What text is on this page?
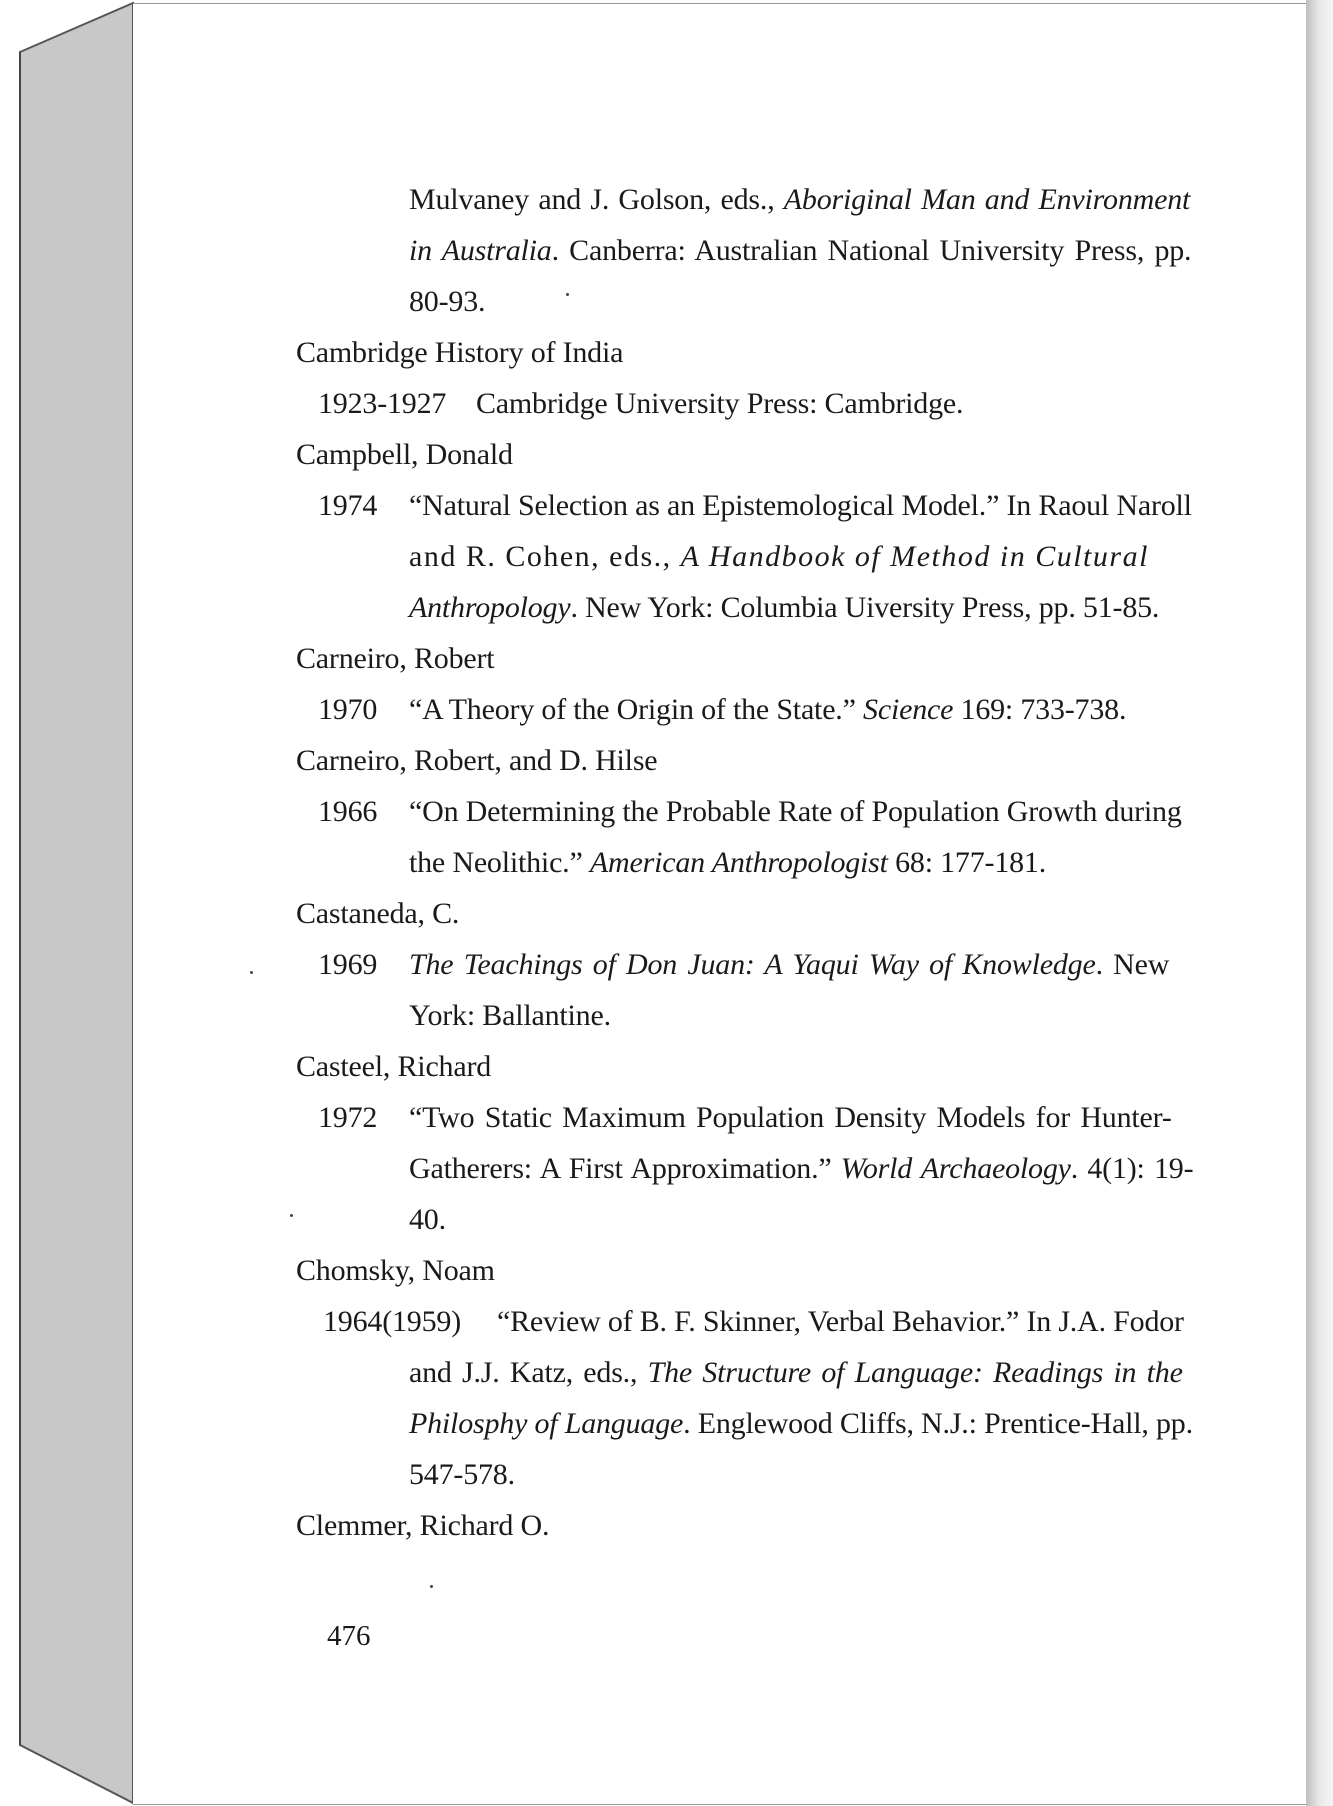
Mulvaney and J. Golson, eds., Aboriginal Man and Environment
in Australia. Canberra: Australian National University Press, pp.
80-93.
Cambridge History of India
1923-1927 Cambridge University Press: Cambridge.
Campbell, Donald
1974 “Natural Selection as an Epistemological Model.” In Raoul Naroll
and R. Cohen, eds., A Handbook of Method in Cultural
Anthropology. New York: Columbia Uiversity Press, pp. 51-85.
Carneiro, Robert
1970 “A Theory of the Origin of the State.” Science 169: 733-738.
Carneiro, Robert, and D. Hilse
1966 “On Determining the Probable Rate of Population Growth during
the Neolithic.” American Anthropologist 68: 177-181.
Castaneda, C.
1969 The Teachings of Don Juan: A Yaqui Way of Knowledge. New
York: Ballantine.
Casteel, Richard
1972 “Two Static Maximum Population Density Models for Hunter-
Gatherers: A First Approximation.” World Archaeology. 4(1): 19-
40.
Chomsky, Noam
1964(1959) “Review of B. F. Skinner, Verbal Behavior.” In J.A. Fodor
and J.J. Katz, eds., The Structure of Language: Readings in the
Philosphy of Language. Englewood Cliffs, N.J.: Prentice-Hall, pp.
547-578.
Clemmer, Richard O.
476
